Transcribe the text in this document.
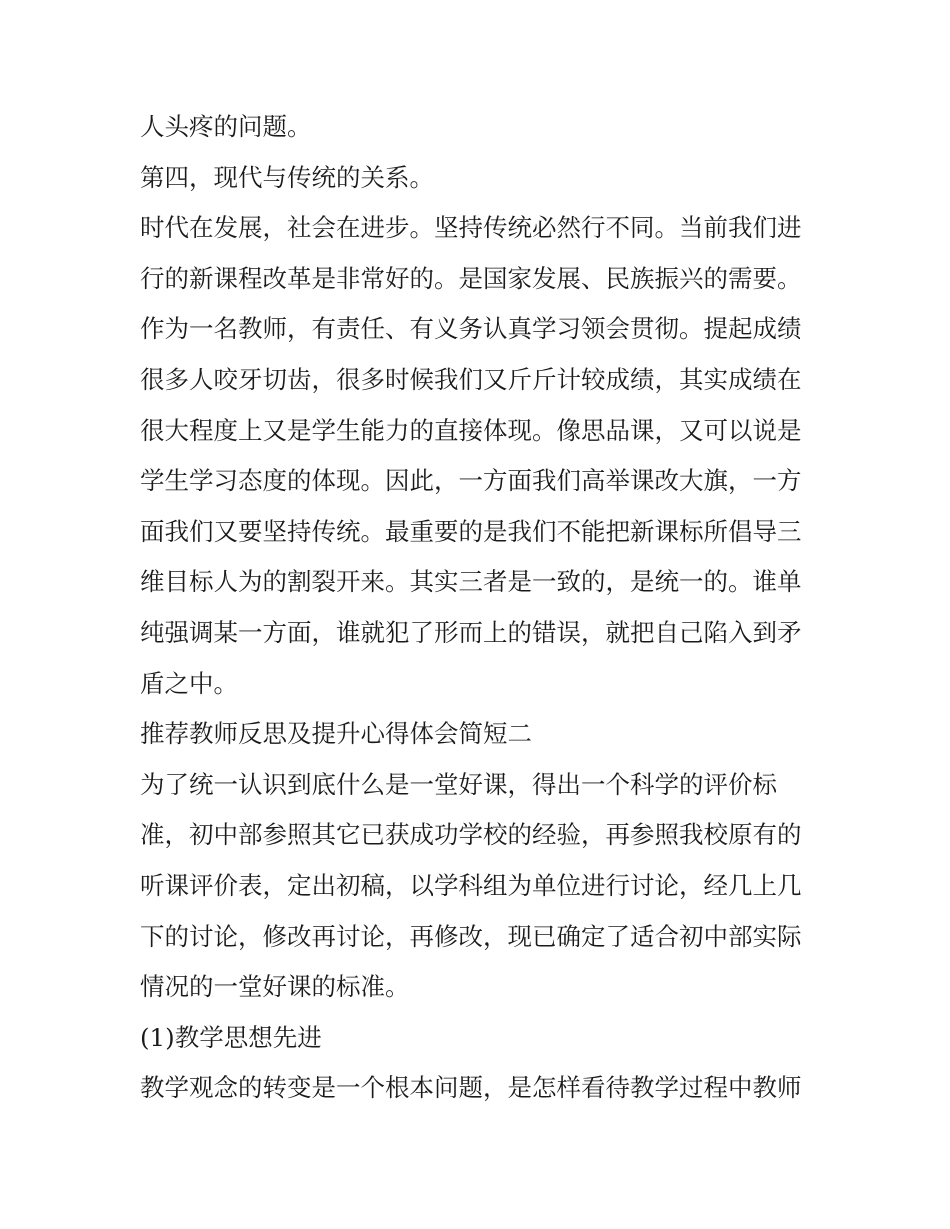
人头疼的问题。
第四，现代与传统的关系。
时代在发展，社会在进步。坚持传统必然行不同。当前我们进
行的新课程改革是非常好的。是国家发展、民族振兴的需要。
作为一名教师，有责任、有义务认真学习领会贯彻。提起成绩
很多人咬牙切齿，很多时候我们又斤斤计较成绩，其实成绩在
很大程度上又是学生能力的直接体现。像思品课，又可以说是
学生学习态度的体现。因此，一方面我们高举课改大旗，一方
面我们又要坚持传统。最重要的是我们不能把新课标所倡导三
维目标人为的割裂开来。其实三者是一致的，是统一的。谁单
纯强调某一方面，谁就犯了形而上的错误，就把自己陷入到矛
盾之中。
推荐教师反思及提升心得体会简短二
为了统一认识到底什么是一堂好课，得出一个科学的评价标
准，初中部参照其它已获成功学校的经验，再参照我校原有的
听课评价表，定出初稿，以学科组为单位进行讨论，经几上几
下的讨论，修改再讨论，再修改，现已确定了适合初中部实际
情况的一堂好课的标准。
(1)教学思想先进
教学观念的转变是一个根本问题，是怎样看待教学过程中教师
